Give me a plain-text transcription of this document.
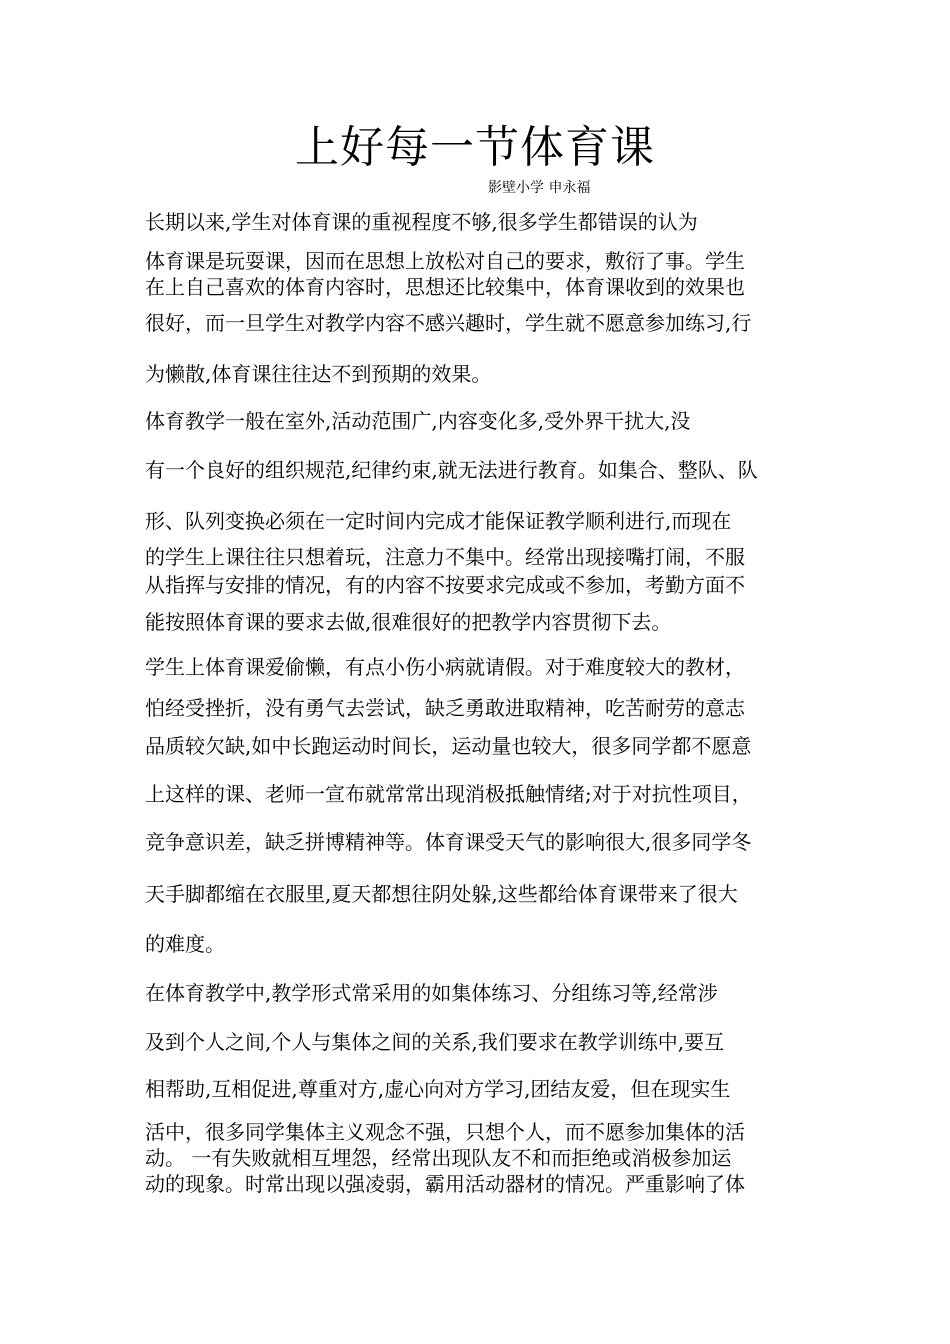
上好每一节体育课
影壁小学 申永福
长期以来,学生对体育课的重视程度不够,很多学生都错误的认为
体育课是玩耍课，因而在思想上放松对自己的要求，敷衍了事。学生
在上自己喜欢的体育内容时，思想还比较集中，体育课收到的效果也
很好，而一旦学生对教学内容不感兴趣时，学生就不愿意参加练习,行
为懒散,体育课往往达不到预期的效果。
体育教学一般在室外,活动范围广,内容变化多,受外界干扰大,没
有一个良好的组织规范,纪律约束,就无法进行教育。如集合、整队、队
形、队列变换必须在一定时间内完成才能保证教学顺利进行,而现在
的学生上课往往只想着玩，注意力不集中。经常出现接嘴打闹，不服
从指挥与安排的情况，有的内容不按要求完成或不参加，考勤方面不
能按照体育课的要求去做,很难很好的把教学内容贯彻下去。
学生上体育课爱偷懒，有点小伤小病就请假。对于难度较大的教材，
怕经受挫折，没有勇气去尝试，缺乏勇敢进取精神，吃苦耐劳的意志
品质较欠缺,如中长跑运动时间长，运动量也较大，很多同学都不愿意
上这样的课、老师一宣布就常常出现消极抵触情绪;对于对抗性项目，
竞争意识差，缺乏拼博精神等。体育课受天气的影响很大,很多同学冬
天手脚都缩在衣服里,夏天都想往阴处躲,这些都给体育课带来了很大
的难度。
在体育教学中,教学形式常采用的如集体练习、分组练习等,经常涉
及到个人之间,个人与集体之间的关系,我们要求在教学训练中,要互
相帮助,互相促进,尊重对方,虚心向对方学习,团结友爱，但在现实生
活中，很多同学集体主义观念不强，只想个人，而不愿参加集体的活
动。 一有失败就相互埋怨，经常出现队友不和而拒绝或消极参加运
动的现象。时常出现以强凌弱，霸用活动器材的情况。严重影响了体
